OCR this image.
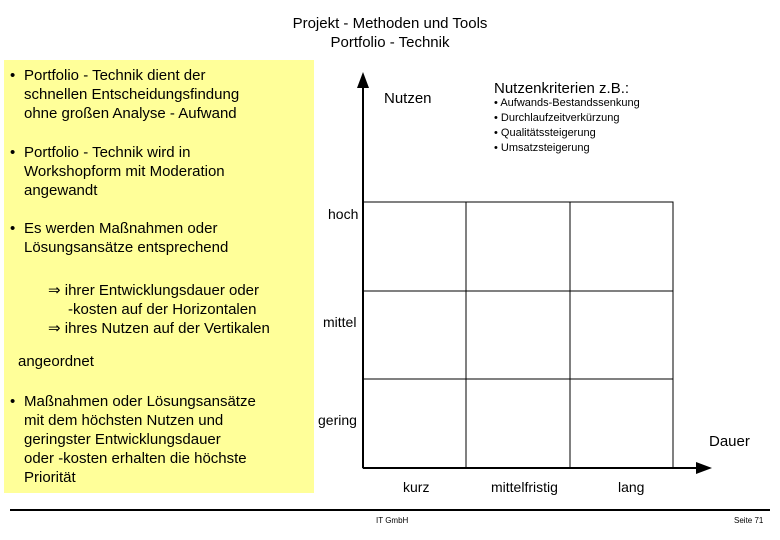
Projekt - Methoden und Tools
Portfolio - Technik
• Portfolio - Technik dient der
schnellen Entscheidungsfindung
ohne großen Analyse - Aufwand
• Portfolio - Technik wird in
Workshopform mit Moderation
angewandt
• Es werden Maßnahmen oder
Lösungsansätze entsprechend
⇒ ihrer Entwicklungsdauer oder
-kosten auf der Horizontalen
⇒ ihres Nutzen auf der Vertikalen
angeordnet
• Maßnahmen oder Lösungsansätze
mit dem höchsten Nutzen und
geringster Entwicklungsdauer
oder -kosten erhalten die höchste
Priorität
Nutzen
Dauer
hoch
mittel
gering
kurz	mittelfristig	lang
Nutzenkriterien z.B.:
• Aufwands-Bestandssenkung
• Durchlaufzeitverkürzung
• Qualitätssteigerung
• Umsatzsteigerung
IT GmbH	Seite 71
